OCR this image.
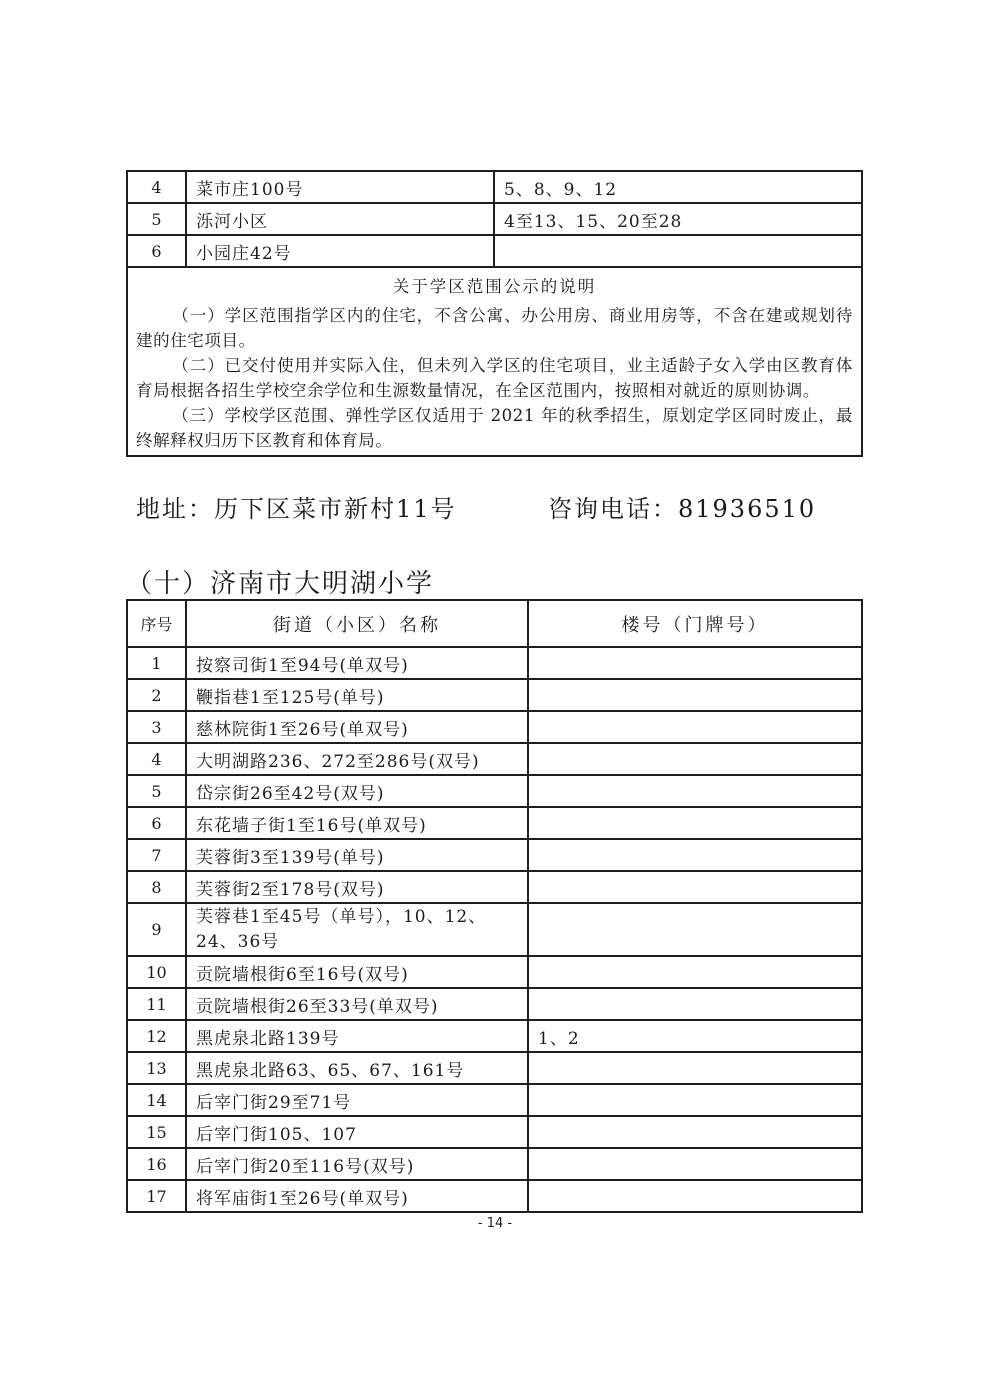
4	菜市庄100号	5、8、9、12
5	泺河小区	4至13、15、20至28
6	小园庄42号	

关于学区范围公示的说明

（一）学区范围指学区内的住宅，不含公寓、办公用房、商业用房等，不含在建或规划待建的住宅项目。

（二）已交付使用并实际入住，但未列入学区的住宅项目，业主适龄子女入学由区教育体育局根据各招生学校空余学位和生源数量情况，在全区范围内，按照相对就近的原则协调。

（三）学校学区范围、弹性学区仅适用于 2021 年的秋季招生，原划定学区同时废止，最终解释权归历下区教育和体育局。		

地址：历下区菜市新村11号	咨询电话：81936510
（十）济南市大明湖小学
序号	街道（小区）名称	楼号（门牌号）
1	按察司街1至94号(单双号)	
2	鞭指巷1至125号(单号)	
3	慈林院街1至26号(单双号)	
4	大明湖路236、272至286号(双号)	
5	岱宗街26至42号(双号)	
6	东花墙子街1至16号(单双号)	
7	芙蓉街3至139号(单号)	
8	芙蓉街2至178号(双号)	
9	芙蓉巷1至45号（单号），10、12、24、36号	
10	贡院墙根街6至16号(双号)	
11	贡院墙根街26至33号(单双号)	
12	黑虎泉北路139号	1、2
13	黑虎泉北路63、65、67、161号	
14	后宰门街29至71号	
15	后宰门街105、107	
16	后宰门街20至116号(双号)	
17	将军庙街1至26号(单双号)	
- 14 -
